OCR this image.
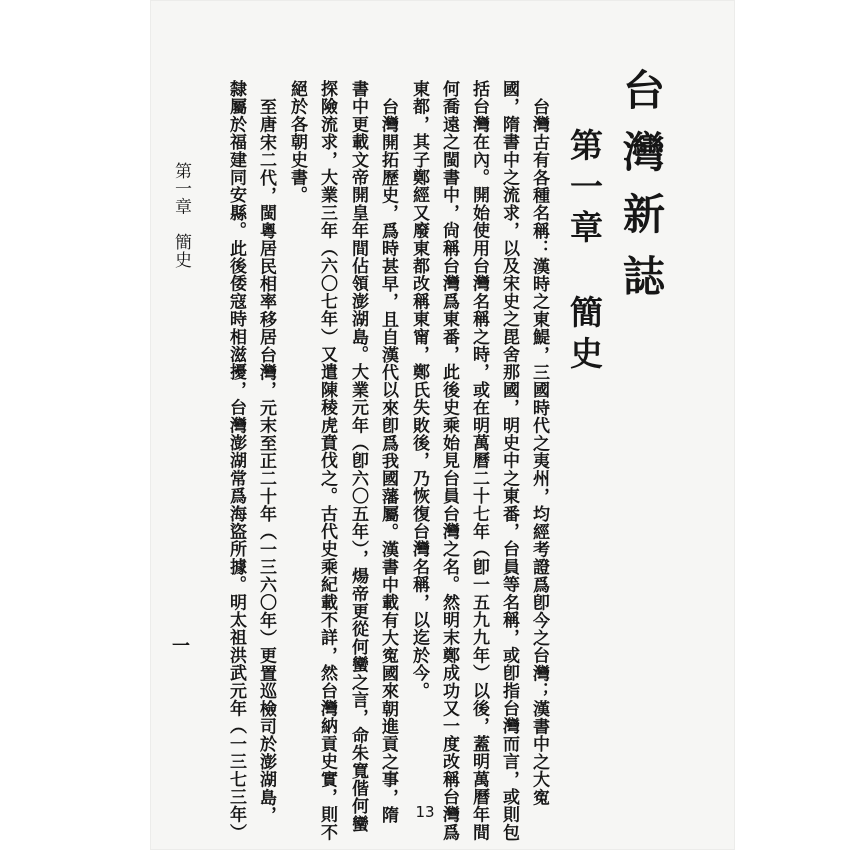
台灣新誌
第一章簡史
台灣古有各種名稱：漢時之東鯷，三國時代之夷州，均經考證爲卽今之台灣；漢書中之大寃
國，隋書中之流求，以及宋史之毘舍那國，明史中之東番，台員等名稱，或卽指台灣而言，或則包
括台灣在內。開始使用台灣名稱之時，或在明萬曆二十七年（卽一五九九年）以後，蓋明萬曆年間
何喬遠之閩書中，尙稱台灣爲東番，此後史乘始見台員台灣之名。然明末鄭成功又一度改稱台灣爲
東都，其子鄭經又廢東都改稱東甯，鄭氏失敗後，乃恢復台灣名稱，以迄於今。
台灣開拓歷史，爲時甚早，且自漢代以來卽爲我國藩屬。漢書中載有大寃國來朝進貢之事，隋
書中更載文帝開皇年間佔領澎湖島。大業元年（卽六〇五年），煬帝更從何蠻之言，命朱寬偕何蠻
探險流求，大業三年（六〇七年）又遣陳稜虎賁伐之。古代史乘紀載不詳，然台灣納貢史實，則不
絕於各朝史書。
至唐宋二代，閩粵居民相率移居台灣，元末至正二十年（一三六〇年）更置巡檢司於澎湖島，
隸屬於福建同安縣。此後倭寇時相滋擾，台灣澎湖常爲海盜所據。明太祖洪武元年（一三七三年）
第一章簡史
一
13
